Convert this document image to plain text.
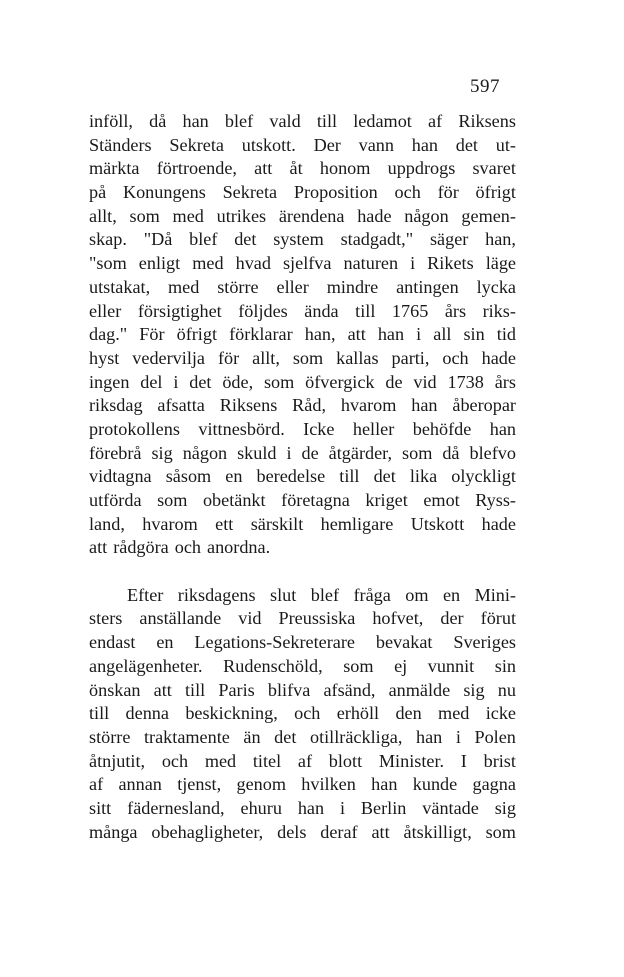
597
inföll, då han blef vald till ledamot af Riksens
Ständers Sekreta utskott. Der vann han det ut-
märkta förtroende, att åt honom uppdrogs svaret
på Konungens Sekreta Proposition och för öfrigt
allt, som med utrikes ärendena hade någon gemen-
skap. "Då blef det system stadgadt," säger han,
"som enligt med hvad sjelfva naturen i Rikets läge
utstakat, med större eller mindre antingen lycka
eller försigtighet följdes ända till 1765 års riks-
dag." För öfrigt förklarar han, att han i all sin tid
hyst vedervilja för allt, som kallas parti, och hade
ingen del i det öde, som öfvergick de vid 1738 års
riksdag afsatta Riksens Råd, hvarom han åberopar
protokollens vittnesbörd. Icke heller behöfde han
förebrå sig någon skuld i de åtgärder, som då blefvo
vidtagna såsom en beredelse till det lika olyckligt
utförda som obetänkt företagna kriget emot Ryss-
land, hvarom ett särskilt hemligare Utskott hade
att rådgöra och anordna.
Efter riksdagens slut blef fråga om en Mini-
sters anställande vid Preussiska hofvet, der förut
endast en Legations-Sekreterare bevakat Sveriges
angelägenheter. Rudenschöld, som ej vunnit sin
önskan att till Paris blifva afsänd, anmälde sig nu
till denna beskickning, och erhöll den med icke
större traktamente än det otillräckliga, han i Polen
åtnjutit, och med titel af blott Minister. I brist
af annan tjenst, genom hvilken han kunde gagna
sitt fädernesland, ehuru han i Berlin väntade sig
många obehagligheter, dels deraf att åtskilligt, som
